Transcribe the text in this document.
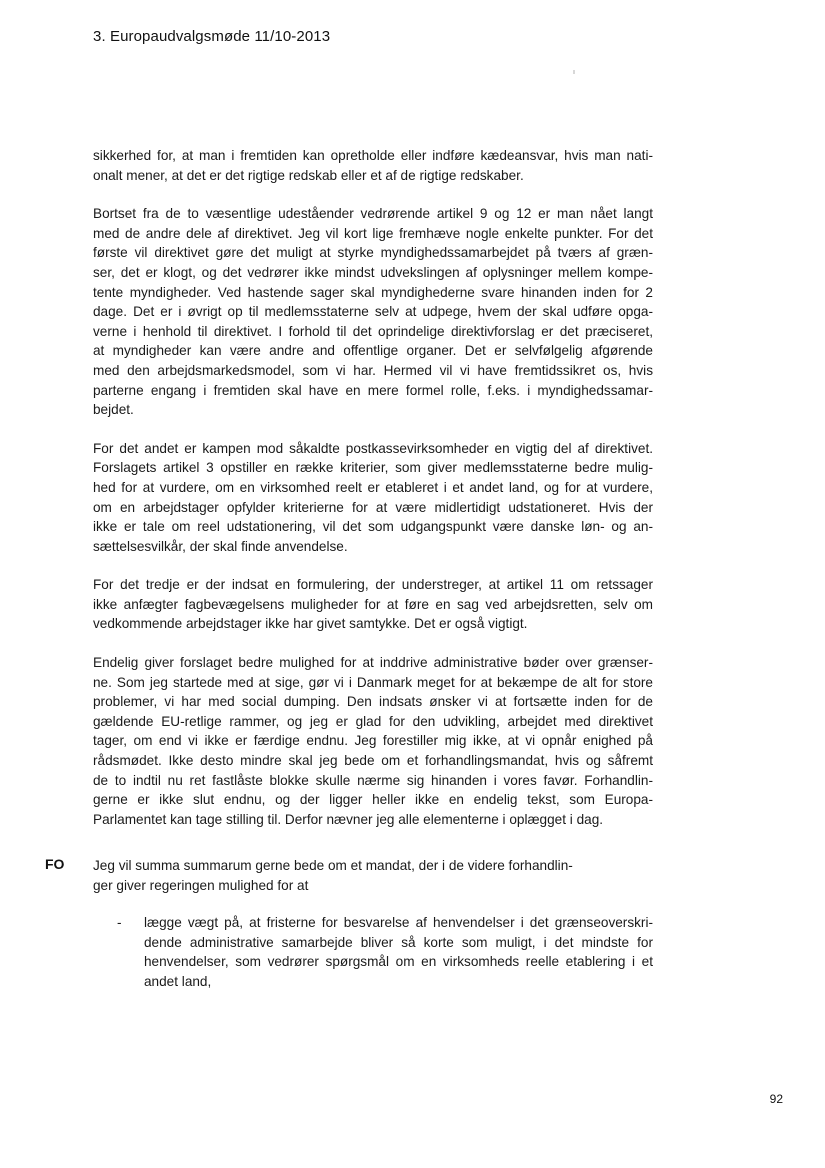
3. Europaudvalgsmøde 11/10-2013

sikkerhed for, at man i fremtiden kan opretholde eller indføre kædeansvar, hvis man nati-
onalt mener, at det er det rigtige redskab eller et af de rigtige redskaber.

Bortset fra de to væsentlige udeståender vedrørende artikel 9 og 12 er man nået langt
med de andre dele af direktivet. Jeg vil kort lige fremhæve nogle enkelte punkter. For det
første vil direktivet gøre det muligt at styrke myndighedssamarbejdet på tværs af græn-
ser, det er klogt, og det vedrører ikke mindst udvekslingen af oplysninger mellem kompe-
tente myndigheder. Ved hastende sager skal myndighederne svare hinanden inden for 2
dage. Det er i øvrigt op til medlemsstaterne selv at udpege, hvem der skal udføre opga-
verne i henhold til direktivet. I forhold til det oprindelige direktivforslag er det præciseret,
at myndigheder kan være andre and offentlige organer. Det er selvfølgelig afgørende
med den arbejdsmarkedsmodel, som vi har. Hermed vil vi have fremtidssikret os, hvis
parterne engang i fremtiden skal have en mere formel rolle, f.eks. i myndighedssamar-
bejdet.

For det andet er kampen mod såkaldte postkassevirksomheder en vigtig del af direktivet.
Forslagets artikel 3 opstiller en række kriterier, som giver medlemsstaterne bedre mulig-
hed for at vurdere, om en virksomhed reelt er etableret i et andet land, og for at vurdere,
om en arbejdstager opfylder kriterierne for at være midlertidigt udstationeret. Hvis der
ikke er tale om reel udstationering, vil det som udgangspunkt være danske løn- og an-
sættelsesvilkår, der skal finde anvendelse.

For det tredje er der indsat en formulering, der understreger, at artikel 11 om retssager
ikke anfægter fagbevægelsens muligheder for at føre en sag ved arbejdsretten, selv om
vedkommende arbejdstager ikke har givet samtykke. Det er også vigtigt.

Endelig giver forslaget bedre mulighed for at inddrive administrative bøder over grænser-
ne. Som jeg startede med at sige, gør vi i Danmark meget for at bekæmpe de alt for store
problemer, vi har med social dumping. Den indsats ønsker vi at fortsætte inden for de
gældende EU-retlige rammer, og jeg er glad for den udvikling, arbejdet med direktivet
tager, om end vi ikke er færdige endnu. Jeg forestiller mig ikke, at vi opnår enighed på
rådsmødet. Ikke desto mindre skal jeg bede om et forhandlingsmandat, hvis og såfremt
de to indtil nu ret fastlåste blokke skulle nærme sig hinanden i vores favør. Forhandlin-
gerne er ikke slut endnu, og der ligger heller ikke en endelig tekst, som Europa-
Parlamentet kan tage stilling til. Derfor nævner jeg alle elementerne i oplægget i dag.

FO Jeg vil summa summarum gerne bede om et mandat, der i de videre forhandlin-
ger giver regeringen mulighed for at
- lægge vægt på, at fristerne for besvarelse af henvendelser i det grænseoverskri-
dende administrative samarbejde bliver så korte som muligt, i det mindste for
henvendelser, som vedrører spørgsmål om en virksomheds reelle etablering i et
andet land,
92
